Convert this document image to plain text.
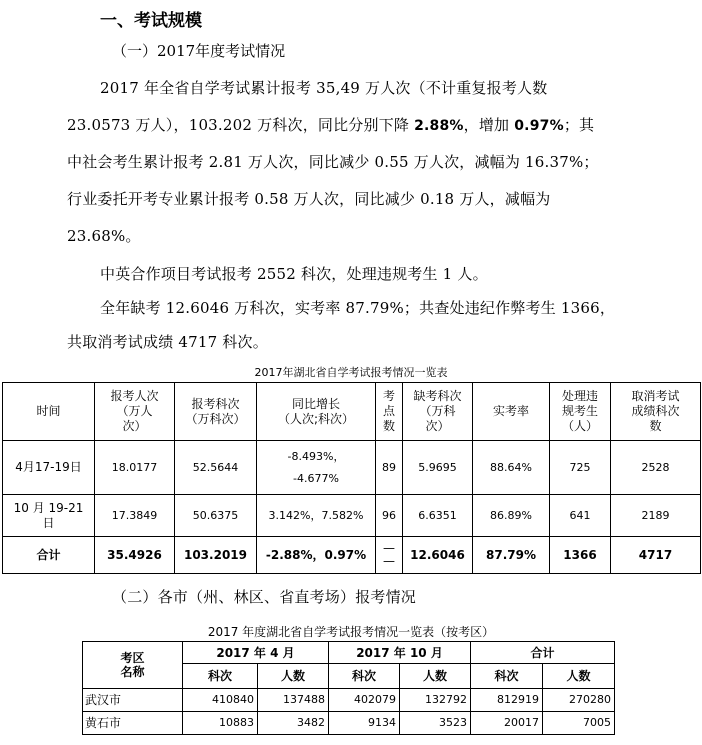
一、考试规模
（一）2017年度考试情况
2017 年全省自学考试累计报考 35,49 万人次（不计重复报考人数
23.0573 万人），103.202 万科次，同比分别下降 2.88%，增加 0.97%；其
中社会考生累计报考 2.81 万人次，同比减少 0.55 万人次，减幅为 16.37%；
行业委托开考专业累计报考 0.58 万人次，同比减少 0.18 万人，减幅为
23.68%。
中英合作项目考试报考 2552 科次，处理违规考生 1 人。
全年缺考 12.6046 万科次，实考率 87.79%；共查处违纪作弊考生 1366，
共取消考试成绩 4717 科次。
2017年湖北省自学考试报考情况一览表
时间	报考人次
（万人
次）	报考科次
（万科次）	同比增长
（人次;科次）	考
点
数	缺考科次
（万科
次）	实考率	处理违
规考生
（人）	取消考试
成绩科次
数
4月17-19日	18.0177	52.5644	-8.493%，
-4.677%	89	5.9695	88.64%	725	2528
10 月 19-21
日	17.3849	50.6375	3.142%，7.582%	96	6.6351	86.89%	641	2189
合计	35.4926	103.2019	-2.88%，0.97%	—
—	12.6046	87.79%	1366	4717
（二）各市（州、林区、省直考场）报考情况
2017 年度湖北省自学考试报考情况一览表（按考区）
考区
名称	2017 年 4 月		2017 年 10 月		合计	
	科次	人数	科次	人数	科次	人数
武汉市	410840	137488	402079	132792	812919	270280
黄石市	10883	3482	9134	3523	20017	7005
